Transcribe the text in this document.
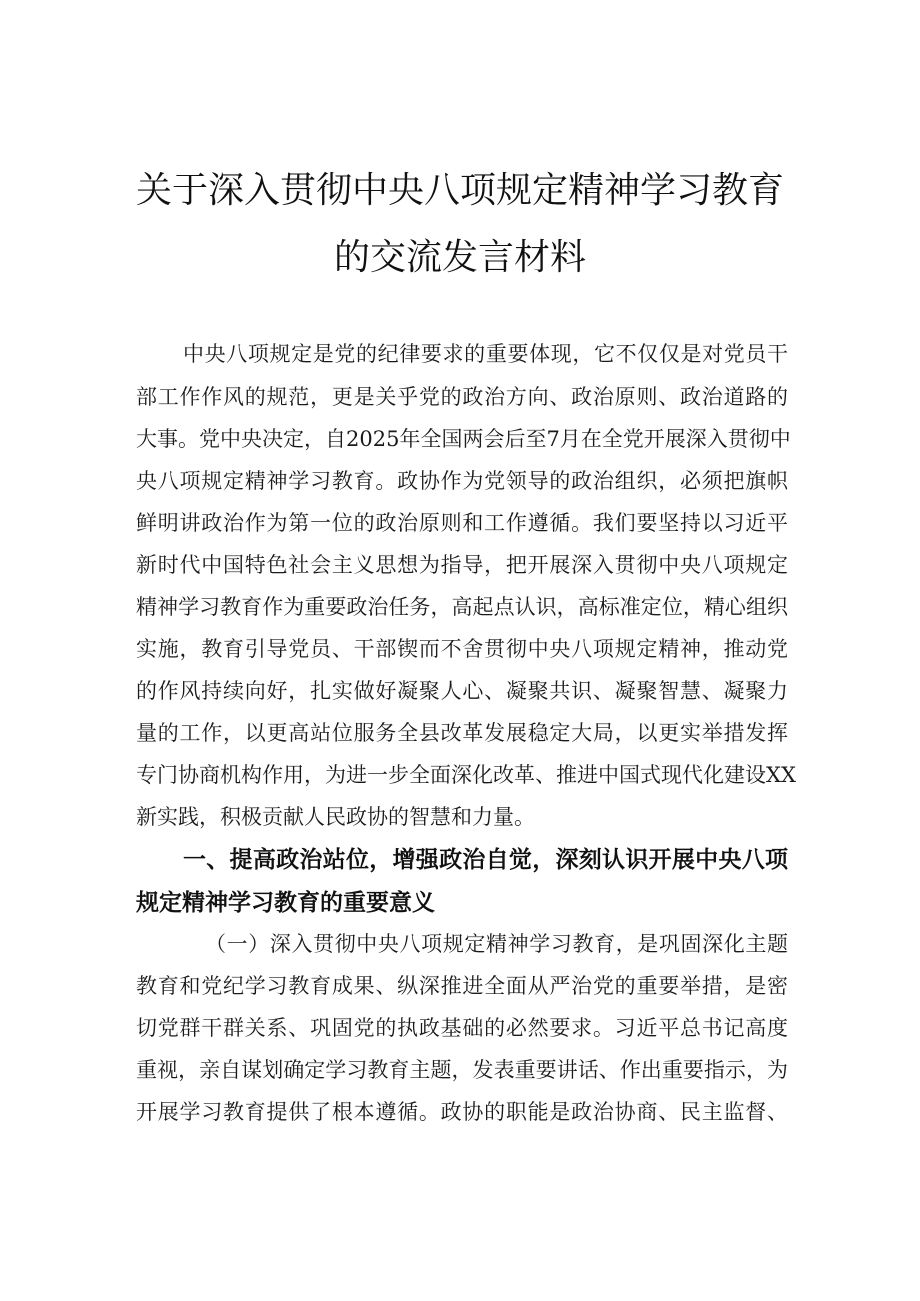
关于深入贯彻中央八项规定精神学习教育
的交流发言材料
中央八项规定是党的纪律要求的重要体现，它不仅仅是对党员干
部工作作风的规范，更是关乎党的政治方向、政治原则、政治道路的
大事。党中央决定，自2025年全国两会后至7月在全党开展深入贯彻中
央八项规定精神学习教育。政协作为党领导的政治组织，必须把旗帜
鲜明讲政治作为第一位的政治原则和工作遵循。我们要坚持以习近平
新时代中国特色社会主义思想为指导，把开展深入贯彻中央八项规定
精神学习教育作为重要政治任务，高起点认识，高标准定位，精心组织
实施，教育引导党员、干部锲而不舍贯彻中央八项规定精神，推动党
的作风持续向好，扎实做好凝聚人心、凝聚共识、凝聚智慧、凝聚力
量的工作，以更高站位服务全县改革发展稳定大局，以更实举措发挥
专门协商机构作用，为进一步全面深化改革、推进中国式现代化建设XX
新实践，积极贡献人民政协的智慧和力量。
一、提高政治站位，增强政治自觉，深刻认识开展中央八项
规定精神学习教育的重要意义
（一）深入贯彻中央八项规定精神学习教育，是巩固深化主题
教育和党纪学习教育成果、纵深推进全面从严治党的重要举措，是密
切党群干群关系、巩固党的执政基础的必然要求。习近平总书记高度
重视，亲自谋划确定学习教育主题，发表重要讲话、作出重要指示，为
开展学习教育提供了根本遵循。政协的职能是政治协商、民主监督、
